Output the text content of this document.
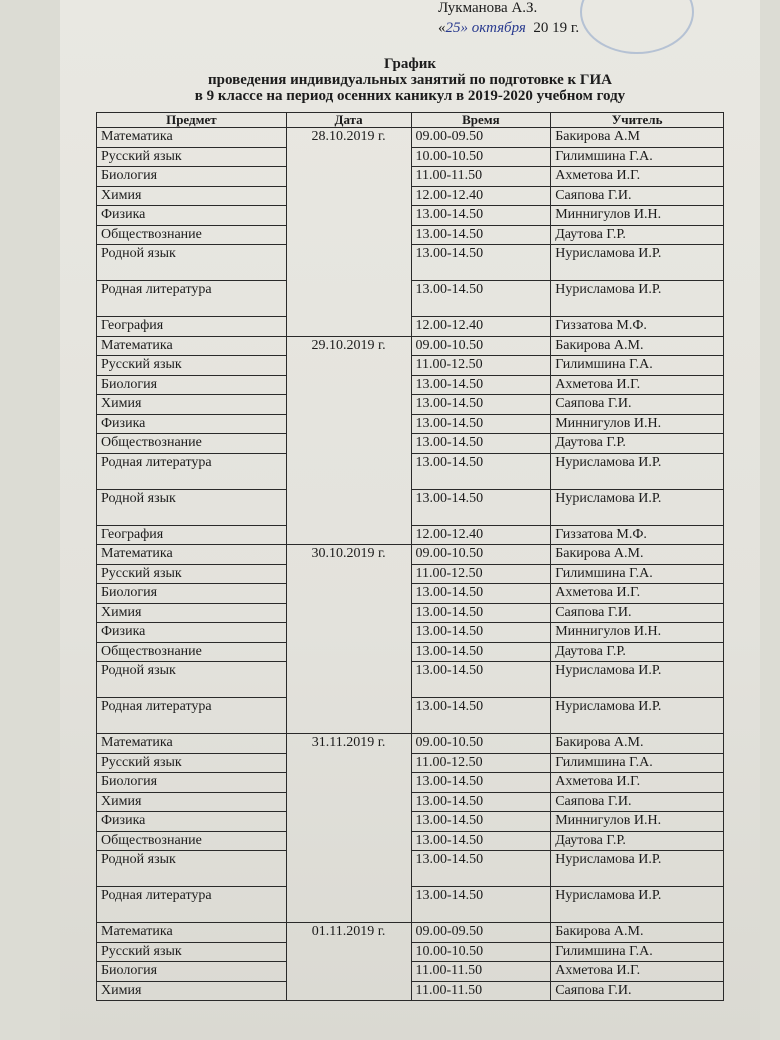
Лукманова А.З.
«25» октября 20 19 г.
График
проведения индивидуальных занятий по подготовке к ГИА
в 9 классе на период осенних каникул в 2019-2020 учебном году
Предмет	Дата	Время	Учитель
Математика	28.10.2019 г.	09.00-09.50	Бакирова А.М
Русский язык		10.00-10.50	Гилимшина Г.А.
Биология		11.00-11.50	Ахметова И.Г.
Химия		12.00-12.40	Саяпова Г.И.
Физика		13.00-14.50	Миннигулов И.Н.
Обществознание		13.00-14.50	Даутова Г.Р.
Родной язык		13.00-14.50	Нурисламова И.Р.
Родная литература		13.00-14.50	Нурисламова И.Р.
География		12.00-12.40	Гиззатова М.Ф.
Математика	29.10.2019 г.	09.00-10.50	Бакирова А.М.
Русский язык		11.00-12.50	Гилимшина Г.А.
Биология		13.00-14.50	Ахметова И.Г.
Химия		13.00-14.50	Саяпова Г.И.
Физика		13.00-14.50	Миннигулов И.Н.
Обществознание		13.00-14.50	Даутова Г.Р.
Родная литература		13.00-14.50	Нурисламова И.Р.
Родной язык		13.00-14.50	Нурисламова И.Р.
География		12.00-12.40	Гиззатова М.Ф.
Математика	30.10.2019 г.	09.00-10.50	Бакирова А.М.
Русский язык		11.00-12.50	Гилимшина Г.А.
Биология		13.00-14.50	Ахметова И.Г.
Химия		13.00-14.50	Саяпова Г.И.
Физика		13.00-14.50	Миннигулов И.Н.
Обществознание		13.00-14.50	Даутова Г.Р.
Родной язык		13.00-14.50	Нурисламова И.Р.
Родная литература		13.00-14.50	Нурисламова И.Р.
Математика	31.11.2019 г.	09.00-10.50	Бакирова А.М.
Русский язык		11.00-12.50	Гилимшина Г.А.
Биология		13.00-14.50	Ахметова И.Г.
Химия		13.00-14.50	Саяпова Г.И.
Физика		13.00-14.50	Миннигулов И.Н.
Обществознание		13.00-14.50	Даутова Г.Р.
Родной язык		13.00-14.50	Нурисламова И.Р.
Родная литература		13.00-14.50	Нурисламова И.Р.
Математика	01.11.2019 г.	09.00-09.50	Бакирова А.М.
Русский язык		10.00-10.50	Гилимшина Г.А.
Биология		11.00-11.50	Ахметова И.Г.
Химия		11.00-11.50	Саяпова Г.И.
